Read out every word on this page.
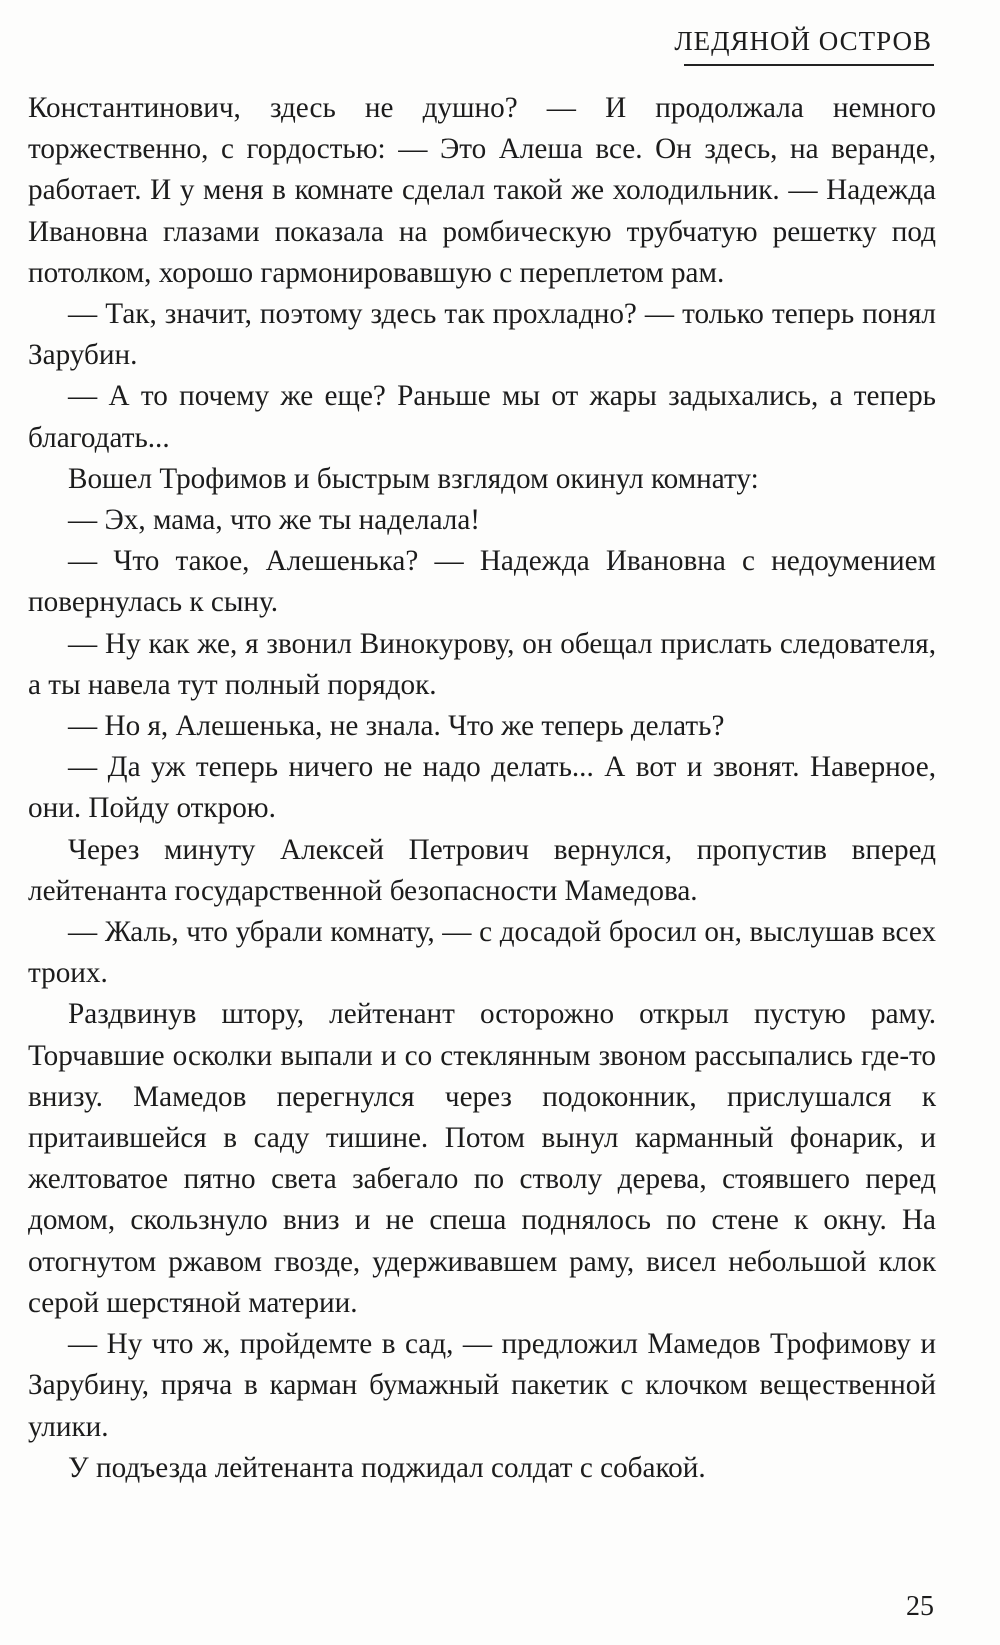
ЛЕДЯНОЙ ОСТРОВ

Константинович, здесь не душно? — И продолжала немного торжественно, с гордостью: — Это Алеша все. Он здесь, на веранде, работает. И у меня в комнате сделал такой же холодильник. — Надежда Ивановна глазами показала на ромбическую трубчатую решетку под потолком, хорошо гармонировавшую с переплетом рам.

— Так, значит, поэтому здесь так прохладно? — только теперь понял Зарубин.

— А то почему же еще? Раньше мы от жары задыхались, а теперь благодать...

Вошел Трофимов и быстрым взглядом окинул комнату:

— Эх, мама, что же ты наделала!

— Что такое, Алешенька? — Надежда Ивановна с недоумением повернулась к сыну.

— Ну как же, я звонил Винокурову, он обещал прислать следователя, а ты навела тут полный порядок.

— Но я, Алешенька, не знала. Что же теперь делать?

— Да уж теперь ничего не надо делать... А вот и звонят. Наверное, они. Пойду открою.

Через минуту Алексей Петрович вернулся, пропустив вперед лейтенанта государственной безопасности Мамедова.

— Жаль, что убрали комнату, — с досадой бросил он, выслушав всех троих.

Раздвинув штору, лейтенант осторожно открыл пустую раму. Торчавшие осколки выпали и со стеклянным звоном рассыпались где-то внизу. Мамедов перегнулся через подоконник, прислушался к притаившейся в саду тишине. Потом вынул карманный фонарик, и желтоватое пятно света забегало по стволу дерева, стоявшего перед домом, скользнуло вниз и не спеша поднялось по стене к окну. На отогнутом ржавом гвозде, удерживавшем раму, висел небольшой клок серой шерстяной материи.

— Ну что ж, пройдемте в сад, — предложил Мамедов Трофимову и Зарубину, пряча в карман бумажный пакетик с клочком вещественной улики.

У подъезда лейтенанта поджидал солдат с собакой.

25
